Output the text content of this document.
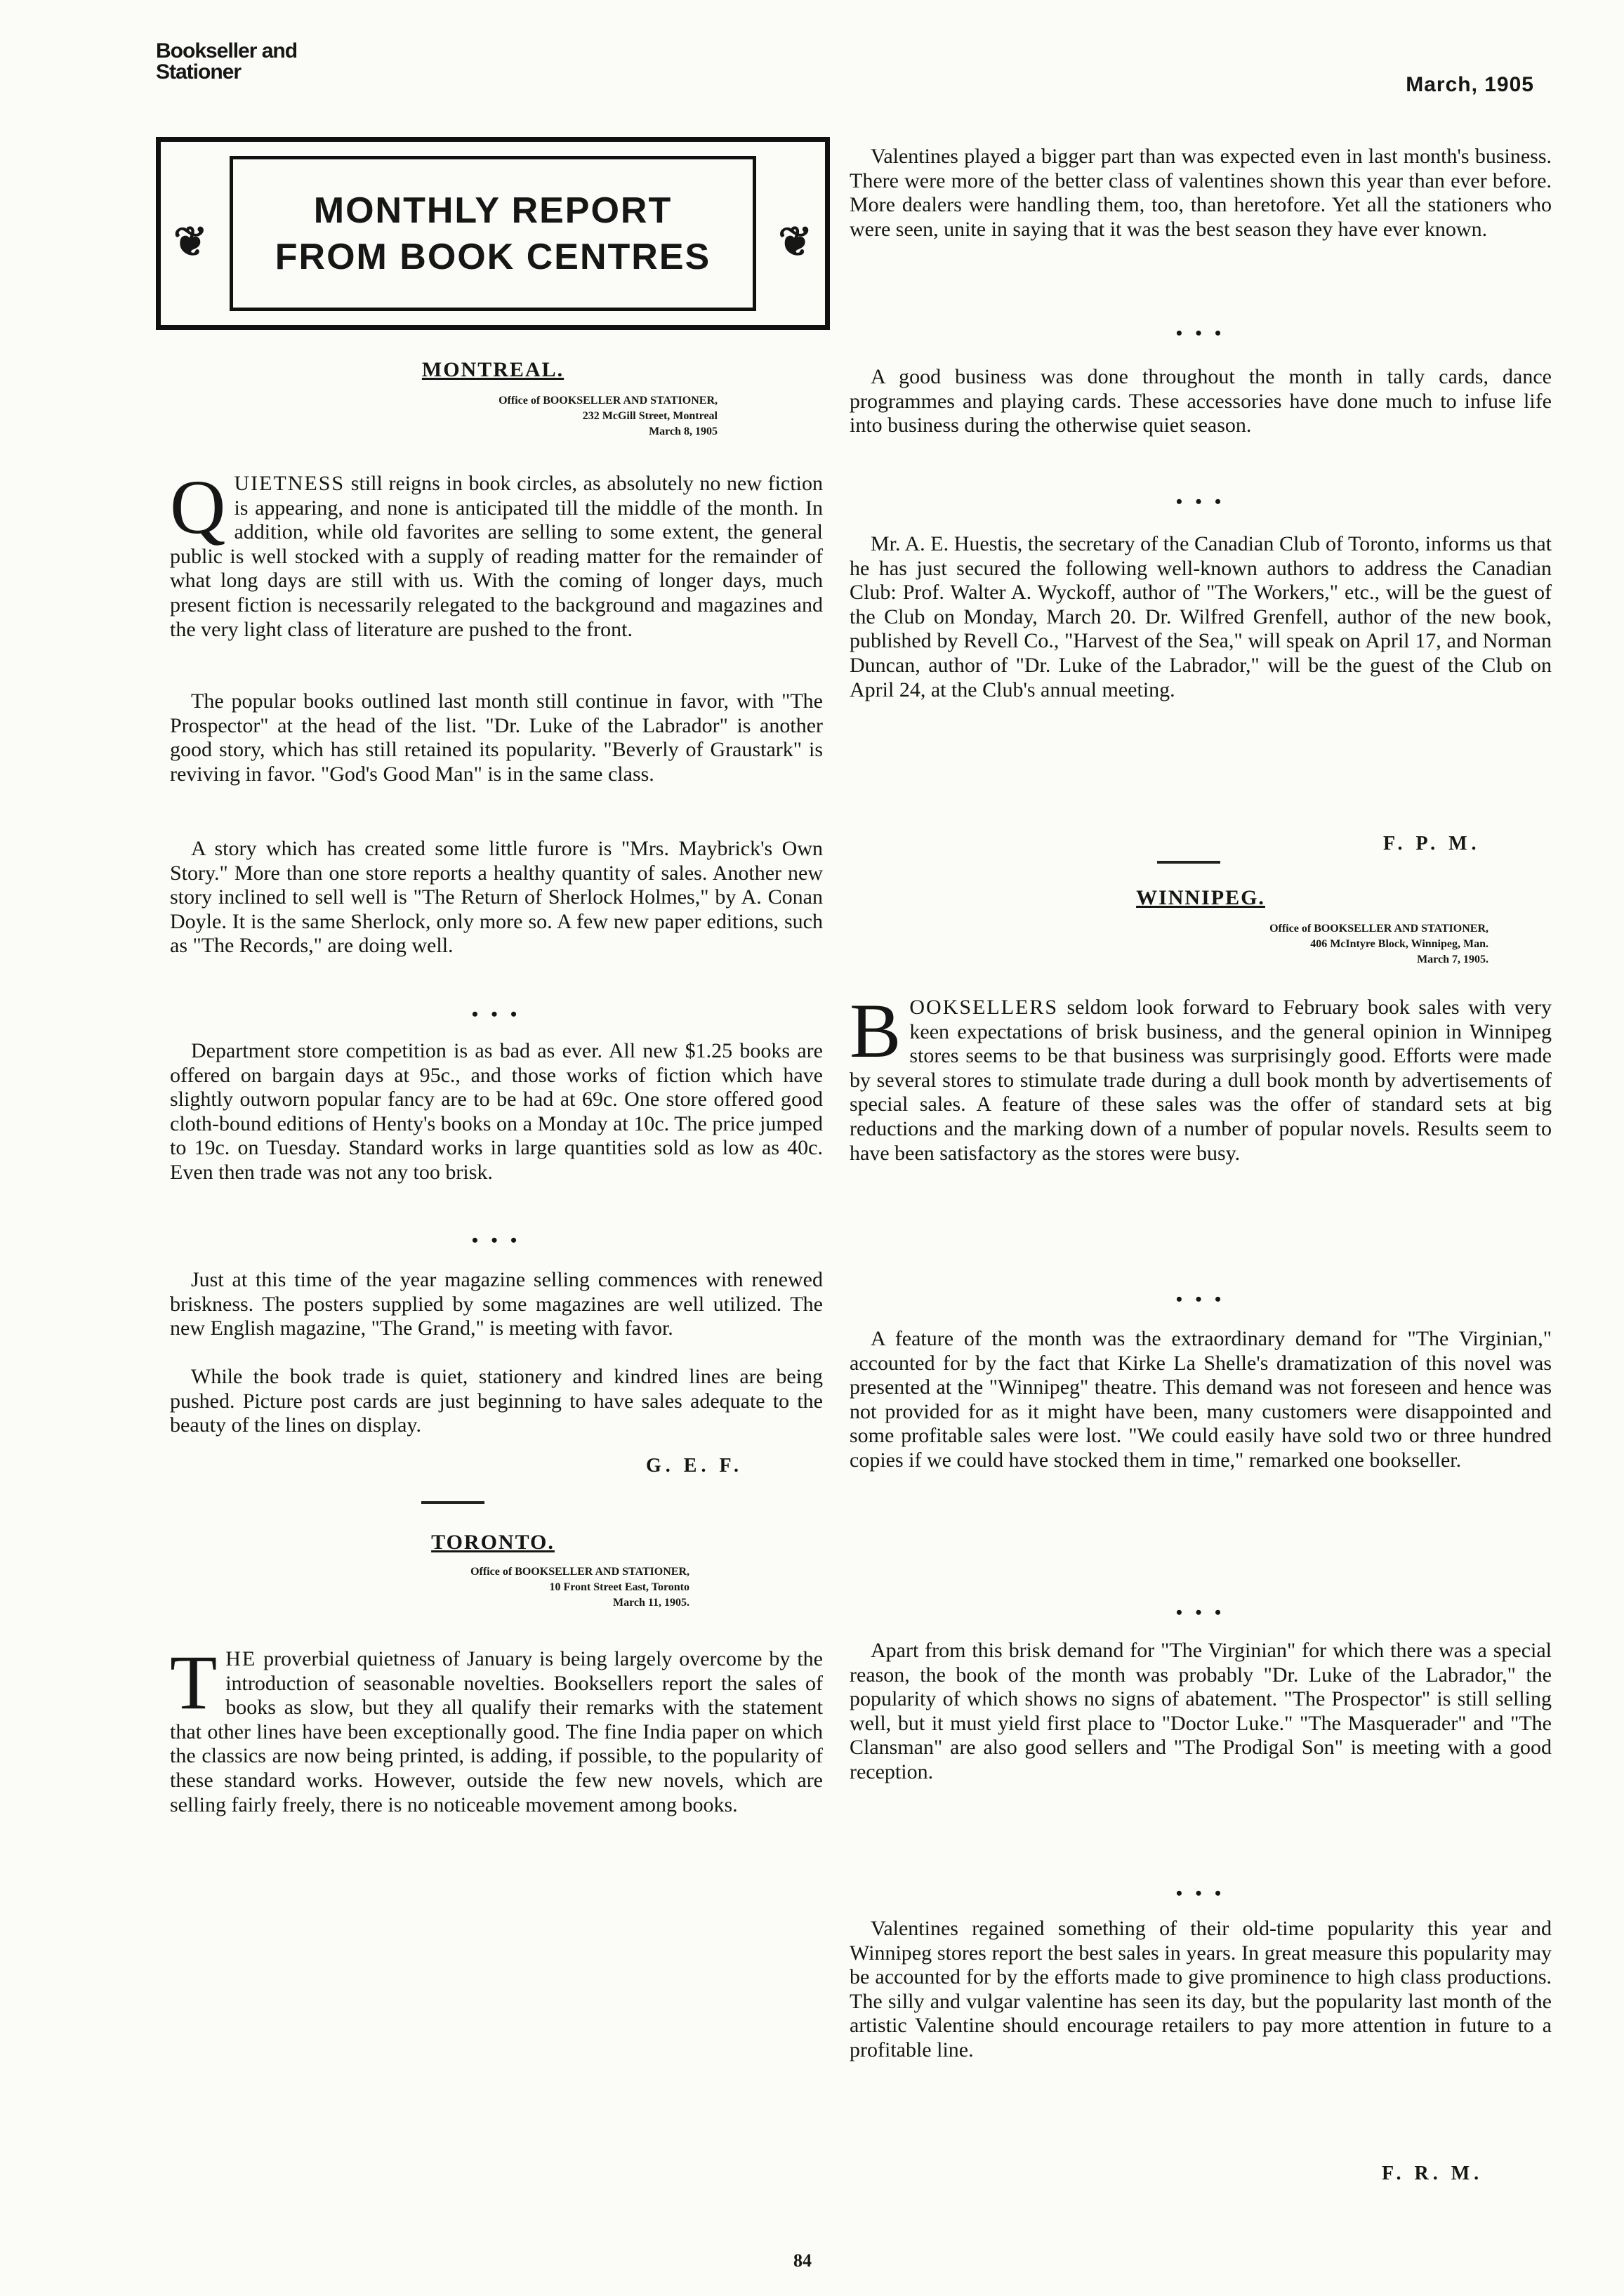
Bookseller and
Stationer
March, 1905
MONTHLY REPORT
FROM BOOK CENTRES
❦	❦
MONTREAL.
Office of BOOKSELLER AND STATIONER,
232 McGill Street, Montreal
March 8, 1905

QUIETNESS still reigns in book circles, as absolutely no new fiction is appearing, and none is anticipated till the middle of the month. In addition, while old favorites are selling to some extent, the general public is well stocked with a supply of reading matter for the remainder of what long days are still with us. With the coming of longer days, much present fiction is necessarily relegated to the background and magazines and the very light class of literature are pushed to the front.

The popular books outlined last month still continue in favor, with "The Prospector" at the head of the list. "Dr. Luke of the Labrador" is another good story, which has still retained its popularity. "Beverly of Graustark" is reviving in favor. "God's Good Man" is in the same class.

A story which has created some little furore is "Mrs. Maybrick's Own Story." More than one store reports a healthy quantity of sales. Another new story inclined to sell well is "The Return of Sherlock Holmes," by A. Conan Doyle. It is the same Sherlock, only more so. A few new paper editions, such as "The Records," are doing well.

• • •

Department store competition is as bad as ever. All new $1.25 books are offered on bargain days at 95c., and those works of fiction which have slightly outworn popular fancy are to be had at 69c. One store offered good cloth-bound editions of Henty's books on a Monday at 10c. The price jumped to 19c. on Tuesday. Standard works in large quantities sold as low as 40c. Even then trade was not any too brisk.

• • •

Just at this time of the year magazine selling commences with renewed briskness. The posters supplied by some magazines are well utilized. The new English magazine, "The Grand," is meeting with favor.

While the book trade is quiet, stationery and kindred lines are being pushed. Picture post cards are just beginning to have sales adequate to the beauty of the lines on display.

G. E. F.
TORONTO.
Office of BOOKSELLER AND STATIONER,
10 Front Street East, Toronto
March 11, 1905.

THE proverbial quietness of January is being largely overcome by the introduction of seasonable novelties. Booksellers report the sales of books as slow, but they all qualify their remarks with the statement that other lines have been exceptionally good. The fine India paper on which the classics are now being printed, is adding, if possible, to the popularity of these standard works. However, outside the few new novels, which are selling fairly freely, there is no noticeable movement among books.

Valentines played a bigger part than was expected even in last month's business. There were more of the better class of valentines shown this year than ever before. More dealers were handling them, too, than heretofore. Yet all the stationers who were seen, unite in saying that it was the best season they have ever known.

• • •

A good business was done throughout the month in tally cards, dance programmes and playing cards. These accessories have done much to infuse life into business during the otherwise quiet season.

• • •

Mr. A. E. Huestis, the secretary of the Canadian Club of Toronto, informs us that he has just secured the following well-known authors to address the Canadian Club: Prof. Walter A. Wyckoff, author of "The Workers," etc., will be the guest of the Club on Monday, March 20. Dr. Wilfred Grenfell, author of the new book, published by Revell Co., "Harvest of the Sea," will speak on April 17, and Norman Duncan, author of "Dr. Luke of the Labrador," will be the guest of the Club on April 24, at the Club's annual meeting.

F. P. M.
WINNIPEG.
Office of BOOKSELLER AND STATIONER,
406 McIntyre Block, Winnipeg, Man.
March 7, 1905.

BOOKSELLERS seldom look forward to February book sales with very keen expectations of brisk business, and the general opinion in Winnipeg stores seems to be that business was surprisingly good. Efforts were made by several stores to stimulate trade during a dull book month by advertisements of special sales. A feature of these sales was the offer of standard sets at big reductions and the marking down of a number of popular novels. Results seem to have been satisfactory as the stores were busy.

• • •

A feature of the month was the extraordinary demand for "The Virginian," accounted for by the fact that Kirke La Shelle's dramatization of this novel was presented at the "Winnipeg" theatre. This demand was not foreseen and hence was not provided for as it might have been, many customers were disappointed and some profitable sales were lost. "We could easily have sold two or three hundred copies if we could have stocked them in time," remarked one bookseller.

• • •

Apart from this brisk demand for "The Virginian" for which there was a special reason, the book of the month was probably "Dr. Luke of the Labrador," the popularity of which shows no signs of abatement. "The Prospector" is still selling well, but it must yield first place to "Doctor Luke." "The Masquerader" and "The Clansman" are also good sellers and "The Prodigal Son" is meeting with a good reception.

• • •

Valentines regained something of their old-time popularity this year and Winnipeg stores report the best sales in years. In great measure this popularity may be accounted for by the efforts made to give prominence to high class productions. The silly and vulgar valentine has seen its day, but the popularity last month of the artistic Valentine should encourage retailers to pay more attention in future to a profitable line.

F. R. M.
84
